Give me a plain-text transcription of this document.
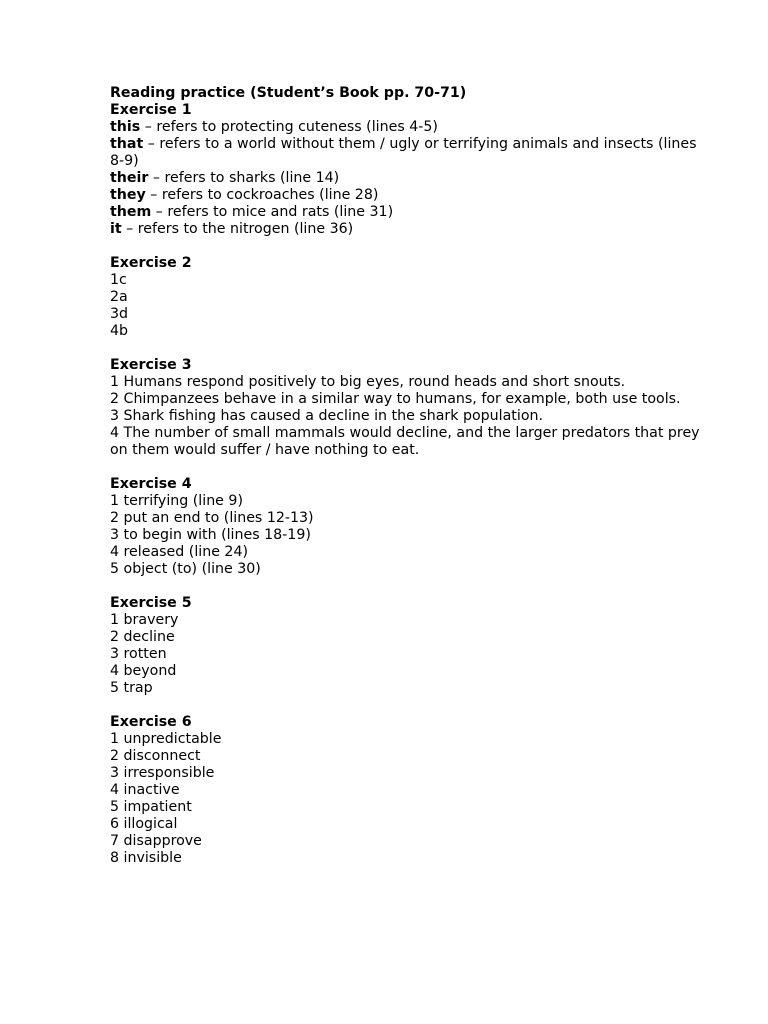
Reading practice (Student’s Book pp. 70-71)

Exercise 1

this – refers to protecting cuteness (lines 4-5)

that – refers to a world without them / ugly or terrifying animals and insects (lines 8-9)

their – refers to sharks (line 14)

they – refers to cockroaches (line 28)

them – refers to mice and rats (line 31)

it – refers to the nitrogen (line 36)

Exercise 2

1c

2a

3d

4b

Exercise 3

1 Humans respond positively to big eyes, round heads and short snouts.

2 Chimpanzees behave in a similar way to humans, for example, both use tools.

3 Shark fishing has caused a decline in the shark population.

4 The number of small mammals would decline, and the larger predators that prey on them would suffer / have nothing to eat.

Exercise 4

1 terrifying (line 9)

2 put an end to (lines 12-13)

3 to begin with (lines 18-19)

4 released (line 24)

5 object (to) (line 30)

Exercise 5

1 bravery

2 decline

3 rotten

4 beyond

5 trap

Exercise 6

1 unpredictable

2 disconnect

3 irresponsible

4 inactive

5 impatient

6 illogical

7 disapprove

8 invisible
